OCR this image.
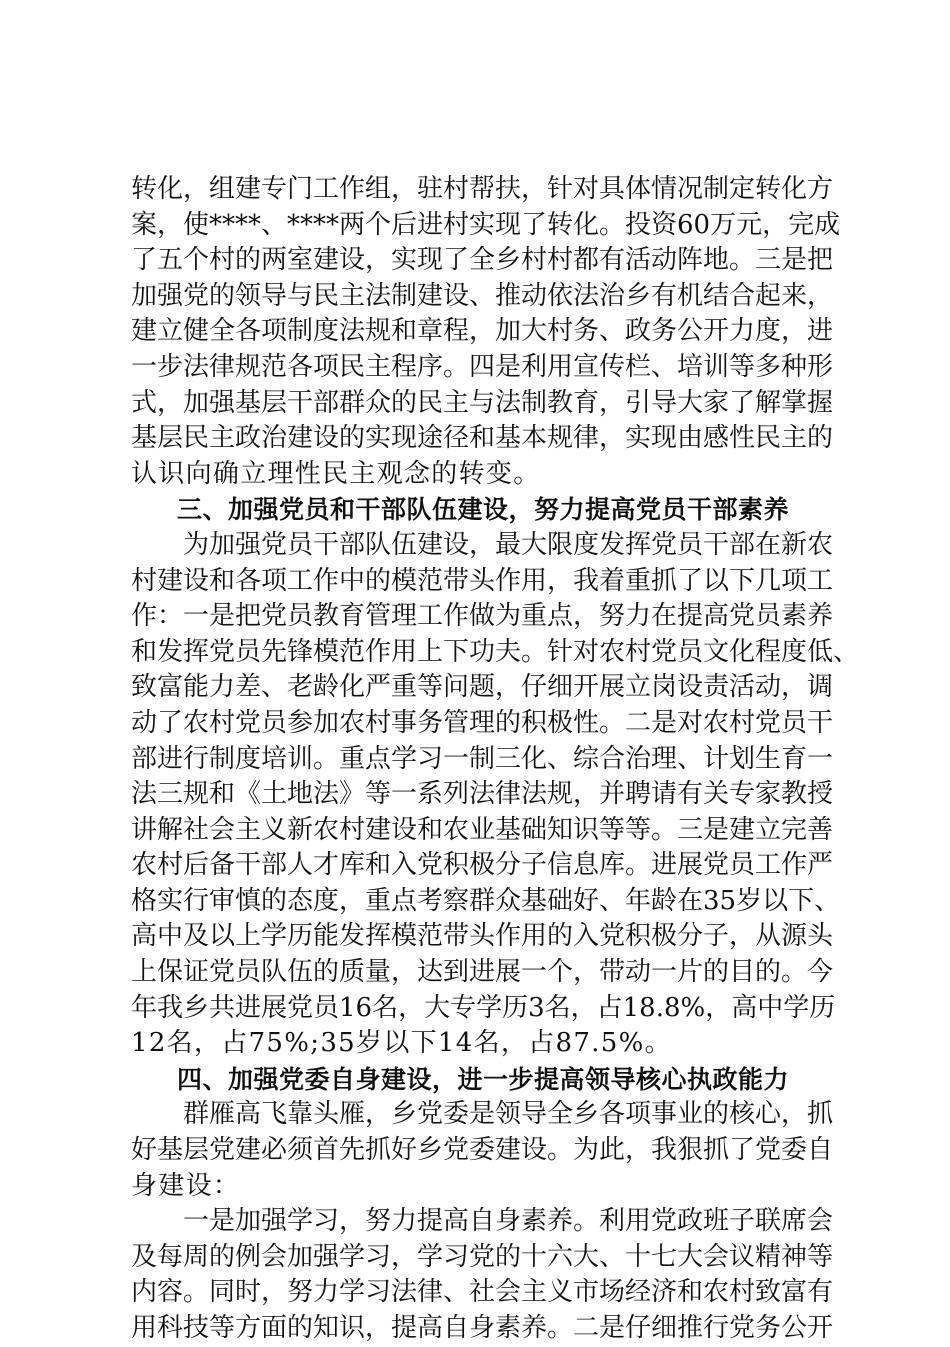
转化，组建专门工作组，驻村帮扶，针对具体情况制定转化方
案，使****、****两个后进村实现了转化。投资60万元，完成
了五个村的两室建设，实现了全乡村村都有活动阵地。三是把
加强党的领导与民主法制建设、推动依法治乡有机结合起来，
建立健全各项制度法规和章程，加大村务、政务公开力度，进
一步法律规范各项民主程序。四是利用宣传栏、培训等多种形
式，加强基层干部群众的民主与法制教育，引导大家了解掌握
基层民主政治建设的实现途径和基本规律，实现由感性民主的
认识向确立理性民主观念的转变。
三、加强党员和干部队伍建设，努力提高党员干部素养
为加强党员干部队伍建设，最大限度发挥党员干部在新农
村建设和各项工作中的模范带头作用，我着重抓了以下几项工
作：一是把党员教育管理工作做为重点，努力在提高党员素养
和发挥党员先锋模范作用上下功夫。针对农村党员文化程度低、
致富能力差、老龄化严重等问题，仔细开展立岗设责活动，调
动了农村党员参加农村事务管理的积极性。二是对农村党员干
部进行制度培训。重点学习一制三化、综合治理、计划生育一
法三规和《土地法》等一系列法律法规，并聘请有关专家教授
讲解社会主义新农村建设和农业基础知识等等。三是建立完善
农村后备干部人才库和入党积极分子信息库。进展党员工作严
格实行审慎的态度，重点考察群众基础好、年龄在35岁以下、
高中及以上学历能发挥模范带头作用的入党积极分子，从源头
上保证党员队伍的质量，达到进展一个，带动一片的目的。今
年我乡共进展党员16名，大专学历3名，占18.8%，高中学历
12名，占75%;35岁以下14名，占87.5%。
四、加强党委自身建设，进一步提高领导核心执政能力
群雁高飞靠头雁，乡党委是领导全乡各项事业的核心，抓
好基层党建必须首先抓好乡党委建设。为此，我狠抓了党委自
身建设：
一是加强学习，努力提高自身素养。利用党政班子联席会
及每周的例会加强学习，学习党的十六大、十七大会议精神等
内容。同时，努力学习法律、社会主义市场经济和农村致富有
用科技等方面的知识，提高自身素养。二是仔细推行党务公开
